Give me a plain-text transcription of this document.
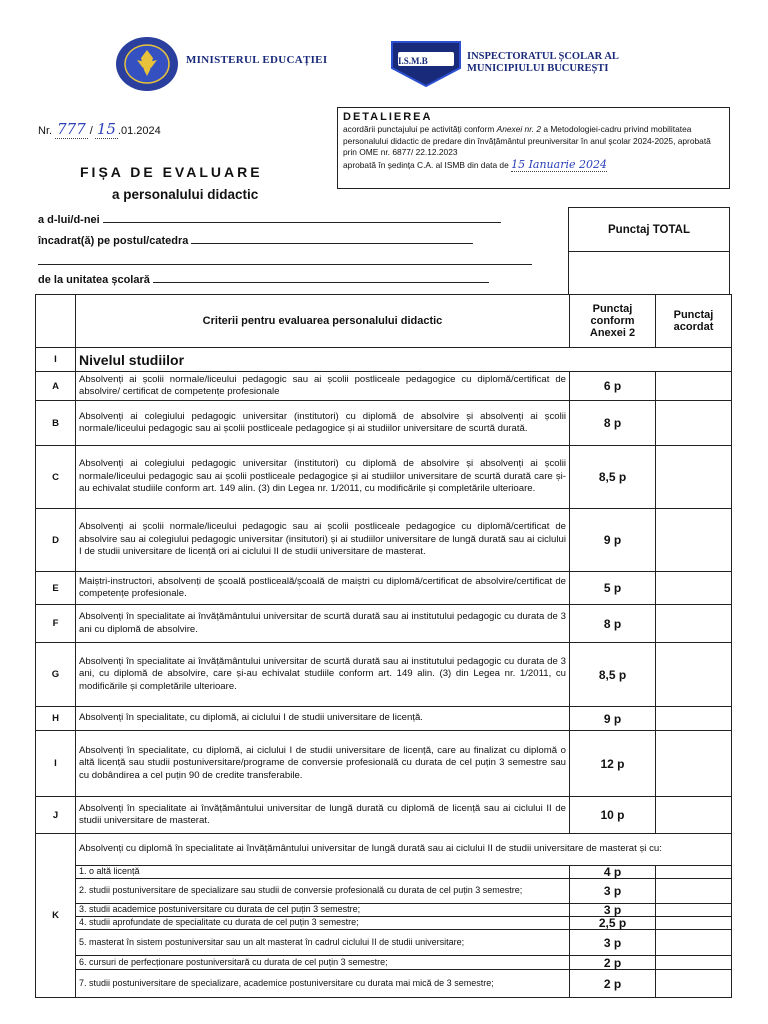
MINISTERUL EDUCAȚIEI	I.S.M.B	INSPECTORATUL ȘCOLAR AL
MUNICIPIULUI BUCUREȘTI
Nr. 777 / 15 .01.2024
FIȘA DE EVALUARE
a personalului didactic
a d-lui/d-nei
încadrat(ă) pe postul/catedra
de la unitatea școlară
DETALIEREA
acordării punctajului pe activități conform Anexei nr. 2 a Metodologiei-cadru privind mobilitatea personalului didactic de predare din învățământul preuniversitar în anul școlar 2024-2025, aprobată prin OME nr. 6877/ 22.12.2023
aprobată în ședința C.A. al ISMB din data de 15 Ianuarie 2024
Punctaj TOTAL
	Criterii pentru evaluarea personalului didactic	Punctaj conform Anexei 2	Punctaj acordat
I	Nivelul studiilor		
A	Absolvenți ai școlii normale/liceului pedagogic sau ai școlii postliceale pedagogice cu diplomă/certificat de absolvire/ certificat de competențe profesionale	6 p	
B	Absolvenți ai colegiului pedagogic universitar (institutori) cu diplomă de absolvire și absolvenți ai școlii normale/liceului pedagogic sau ai școlii postliceale pedagogice și ai studiilor universitare de scurtă durată.	8 p	
C	Absolvenți ai colegiului pedagogic universitar (institutori) cu diplomă de absolvire și absolvenți ai școlii normale/liceului pedagogic sau ai școlii postliceale pedagogice și ai studiilor universitare de scurtă durată care și-au echivalat studiile conform art. 149 alin. (3) din Legea nr. 1/2011, cu modificările și completările ulterioare.	8,5 p	
D	Absolvenți ai școlii normale/liceului pedagogic sau ai școlii postliceale pedagogice cu diplomă/certificat de absolvire sau ai colegiului pedagogic universitar (insitutori) și ai studiilor universitare de lungă durată sau ai ciclului I de studii universitare de licență ori ai ciclului II de studii universitare de masterat.	9 p	
E	Maiștri-instructori, absolvenți de școală postliceală/școală de maiștri cu diplomă/certificat de absolvire/certificat de competențe profesionale.	5 p	
F	Absolvenți în specialitate ai învățământului universitar de scurtă durată sau ai institutului pedagogic cu durata de 3 ani cu diplomă de absolvire.	8 p	
G	Absolvenți în specialitate ai învățământului universitar de scurtă durată sau ai institutului pedagogic cu durata de 3 ani, cu diplomă de absolvire, care și-au echivalat studiile conform art. 149 alin. (3) din Legea nr. 1/2011, cu modificările și completările ulterioare.	8,5 p	
H	Absolvenți în specialitate, cu diplomă, ai ciclului I de studii universitare de licență.	9 p	
I	Absolvenți în specialitate, cu diplomă, ai ciclului I de studii universitare de licență, care au finalizat cu diplomă o altă licență sau studii postuniversitare/programe de conversie profesională cu durata de cel puțin 3 semestre sau cu dobândirea a cel puțin 90 de credite transferabile.	12 p	
J	Absolvenți în specialitate ai învățământului universitar de lungă durată cu diplomă de licență sau ai ciclului II de studii universitare de masterat.	10 p	
K	Absolvenți cu diplomă în specialitate ai învățământului universitar de lungă durată sau ai ciclului II de studii universitare de masterat și cu:		
	1. o altă licență	4 p	
	2. studii postuniversitare de specializare sau studii de conversie profesională cu durata de cel puțin 3 semestre;	3 p	
	3. studii academice postuniversitare cu durata de cel puțin 3 semestre;	3 p	
	4. studii aprofundate de specialitate cu durata de cel puțin 3 semestre;	2,5 p	
	5. masterat în sistem postuniversitar sau un alt masterat în cadrul ciclului II de studii universitare;	3 p	
	6. cursuri de perfecționare postuniversitară cu durata de cel puțin 3 semestre;	2 p	
	7. studii postuniversitare de specializare, academice postuniversitare cu durata mai mică de 3 semestre;	2 p	
